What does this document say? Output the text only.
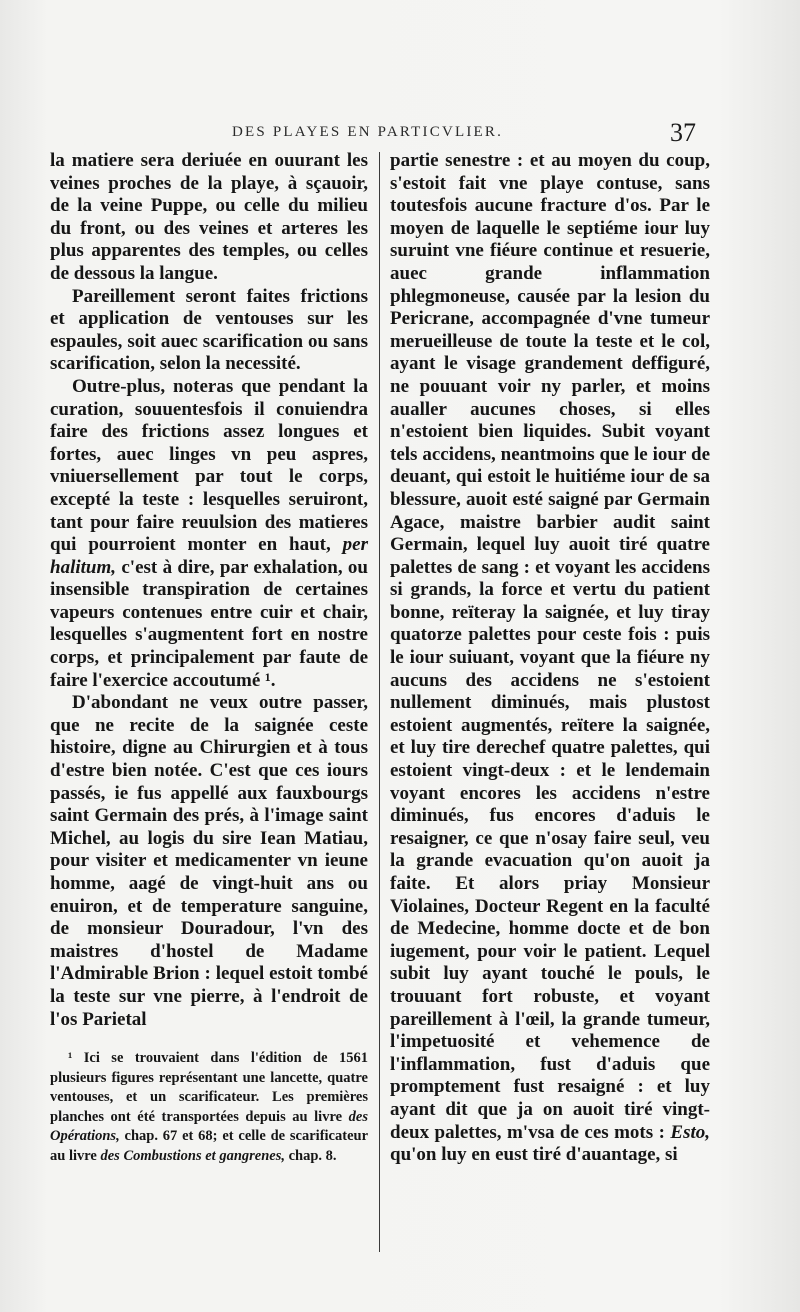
DES PLAYES EN PARTICVLIER.	37

la matiere sera deriuée en ouurant les veines proches de la playe, à sçauoir, de la veine Puppe, ou celle du milieu du front, ou des veines et arteres les plus apparentes des temples, ou celles de dessous la langue.

Pareillement seront faites frictions et application de ventouses sur les espaules, soit auec scarification ou sans scarification, selon la necessité.

Outre-plus, noteras que pendant la curation, souuentesfois il conuiendra faire des frictions assez longues et fortes, auec linges vn peu aspres, vniuersellement par tout le corps, excepté la teste : lesquelles seruiront, tant pour faire reuulsion des matieres qui pourroient monter en haut, per halitum, c'est à dire, par exhalation, ou insensible transpiration de certaines vapeurs contenues entre cuir et chair, lesquelles s'augmentent fort en nostre corps, et principalement par faute de faire l'exercice accoutumé ¹.

D'abondant ne veux outre passer, que ne recite de la saignée ceste histoire, digne au Chirurgien et à tous d'estre bien notée. C'est que ces iours passés, ie fus appellé aux fauxbourgs saint Germain des prés, à l'image saint Michel, au logis du sire Iean Matiau, pour visiter et medicamenter vn ieune homme, aagé de vingt-huit ans ou enuiron, et de temperature sanguine, de monsieur Douradour, l'vn des maistres d'hostel de Madame l'Admirable Brion : lequel estoit tombé la teste sur vne pierre, à l'endroit de l'os Parietal

¹ Ici se trouvaient dans l'édition de 1561 plusieurs figures représentant une lancette, quatre ventouses, et un scarificateur. Les premières planches ont été transportées depuis au livre des Opérations, chap. 67 et 68; et celle de scarificateur au livre des Combustions et gangrenes, chap. 8.

partie senestre : et au moyen du coup, s'estoit fait vne playe contuse, sans toutesfois aucune fracture d'os. Par le moyen de laquelle le septiéme iour luy suruint vne fiéure continue et resuerie, auec grande inflammation phlegmoneuse, causée par la lesion du Pericrane, accompagnée d'vne tumeur merueilleuse de toute la teste et le col, ayant le visage grandement deffiguré, ne pouuant voir ny parler, et moins aualler aucunes choses, si elles n'estoient bien liquides. Subit voyant tels accidens, neantmoins que le iour de deuant, qui estoit le huitiéme iour de sa blessure, auoit esté saigné par Germain Agace, maistre barbier audit saint Germain, lequel luy auoit tiré quatre palettes de sang : et voyant les accidens si grands, la force et vertu du patient bonne, reïteray la saignée, et luy tiray quatorze palettes pour ceste fois : puis le iour suiuant, voyant que la fiéure ny aucuns des accidens ne s'estoient nullement diminués, mais plustost estoient augmentés, reïtere la saignée, et luy tire derechef quatre palettes, qui estoient vingt-deux : et le lendemain voyant encores les accidens n'estre diminués, fus encores d'aduis le resaigner, ce que n'osay faire seul, veu la grande evacuation qu'on auoit ja faite. Et alors priay Monsieur Violaines, Docteur Regent en la faculté de Medecine, homme docte et de bon iugement, pour voir le patient. Lequel subit luy ayant touché le pouls, le trouuant fort robuste, et voyant pareillement à l'œil, la grande tumeur, l'impetuosité et vehemence de l'inflammation, fust d'aduis que promptement fust resaigné : et luy ayant dit que ja on auoit tiré vingt-deux palettes, m'vsa de ces mots : Esto, qu'on luy en eust tiré d'auantage, si
